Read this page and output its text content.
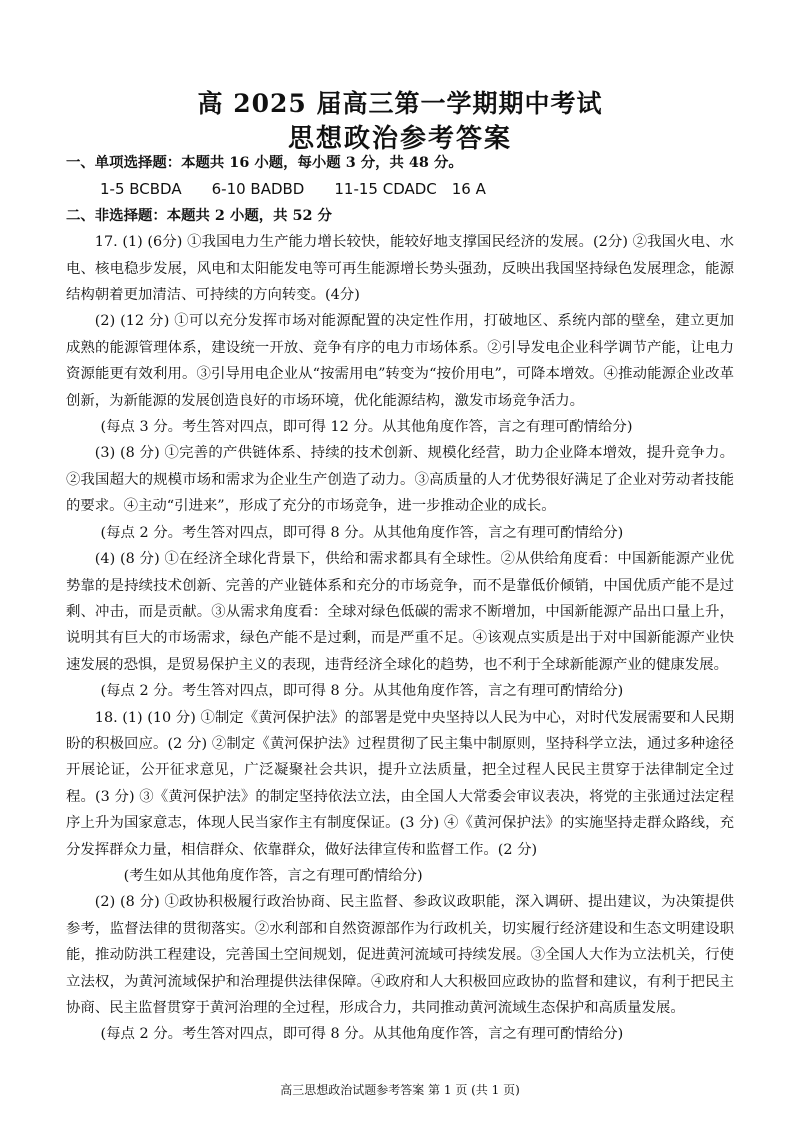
高 2025 届高三第一学期期中考试
思想政治参考答案

一、单项选择题：本题共 16 小题，每小题 3 分，共 48 分。

1-5 BCBDA　　6-10 BADBD　　11-15 CDADC　16 A

二、非选择题：本题共 2 小题，共 52 分

17. (1) (6分) ①我国电力生产能力增长较快，能较好地支撑国民经济的发展。(2分) ②我国火电、水电、核电稳步发展，风电和太阳能发电等可再生能源增长势头强劲，反映出我国坚持绿色发展理念，能源结构朝着更加清洁、可持续的方向转变。(4分)

(2) (12 分) ①可以充分发挥市场对能源配置的决定性作用，打破地区、系统内部的壁垒，建立更加成熟的能源管理体系，建设统一开放、竞争有序的电力市场体系。②引导发电企业科学调节产能，让电力资源能更有效利用。③引导用电企业从“按需用电”转变为“按价用电”，可降本增效。④推动能源企业改革创新，为新能源的发展创造良好的市场环境，优化能源结构，激发市场竞争活力。

(每点 3 分。考生答对四点，即可得 12 分。从其他角度作答，言之有理可酌情给分)

(3) (8 分) ①完善的产供链体系、持续的技术创新、规模化经营，助力企业降本增效，提升竞争力。②我国超大的规模市场和需求为企业生产创造了动力。③高质量的人才优势很好满足了企业对劳动者技能的要求。④主动“引进来”，形成了充分的市场竞争，进一步推动企业的成长。

(每点 2 分。考生答对四点，即可得 8 分。从其他角度作答，言之有理可酌情给分)

(4) (8 分) ①在经济全球化背景下，供给和需求都具有全球性。②从供给角度看：中国新能源产业优势靠的是持续技术创新、完善的产业链体系和充分的市场竞争，而不是靠低价倾销，中国优质产能不是过剩、冲击，而是贡献。③从需求角度看：全球对绿色低碳的需求不断增加，中国新能源产品出口量上升，说明其有巨大的市场需求，绿色产能不是过剩，而是严重不足。④该观点实质是出于对中国新能源产业快速发展的恐惧，是贸易保护主义的表现，违背经济全球化的趋势，也不利于全球新能源产业的健康发展。

(每点 2 分。考生答对四点，即可得 8 分。从其他角度作答，言之有理可酌情给分)

18. (1) (10 分) ①制定《黄河保护法》的部署是党中央坚持以人民为中心，对时代发展需要和人民期盼的积极回应。(2 分) ②制定《黄河保护法》过程贯彻了民主集中制原则，坚持科学立法，通过多种途径开展论证，公开征求意见，广泛凝聚社会共识，提升立法质量，把全过程人民民主贯穿于法律制定全过程。(3 分) ③《黄河保护法》的制定坚持依法立法，由全国人大常委会审议表决，将党的主张通过法定程序上升为国家意志，体现人民当家作主有制度保证。(3 分) ④《黄河保护法》的实施坚持走群众路线，充分发挥群众力量，相信群众、依靠群众，做好法律宣传和监督工作。(2 分)

(考生如从其他角度作答，言之有理可酌情给分)

(2) (8 分) ①政协积极履行政治协商、民主监督、参政议政职能，深入调研、提出建议，为决策提供参考，监督法律的贯彻落实。②水利部和自然资源部作为行政机关，切实履行经济建设和生态文明建设职能，推动防洪工程建设，完善国土空间规划，促进黄河流域可持续发展。③全国人大作为立法机关，行使立法权，为黄河流域保护和治理提供法律保障。④政府和人大积极回应政协的监督和建议，有利于把民主协商、民主监督贯穿于黄河治理的全过程，形成合力，共同推动黄河流域生态保护和高质量发展。

(每点 2 分。考生答对四点，即可得 8 分。从其他角度作答，言之有理可酌情给分)

高三思想政治试题参考答案 第 1 页 (共 1 页)
